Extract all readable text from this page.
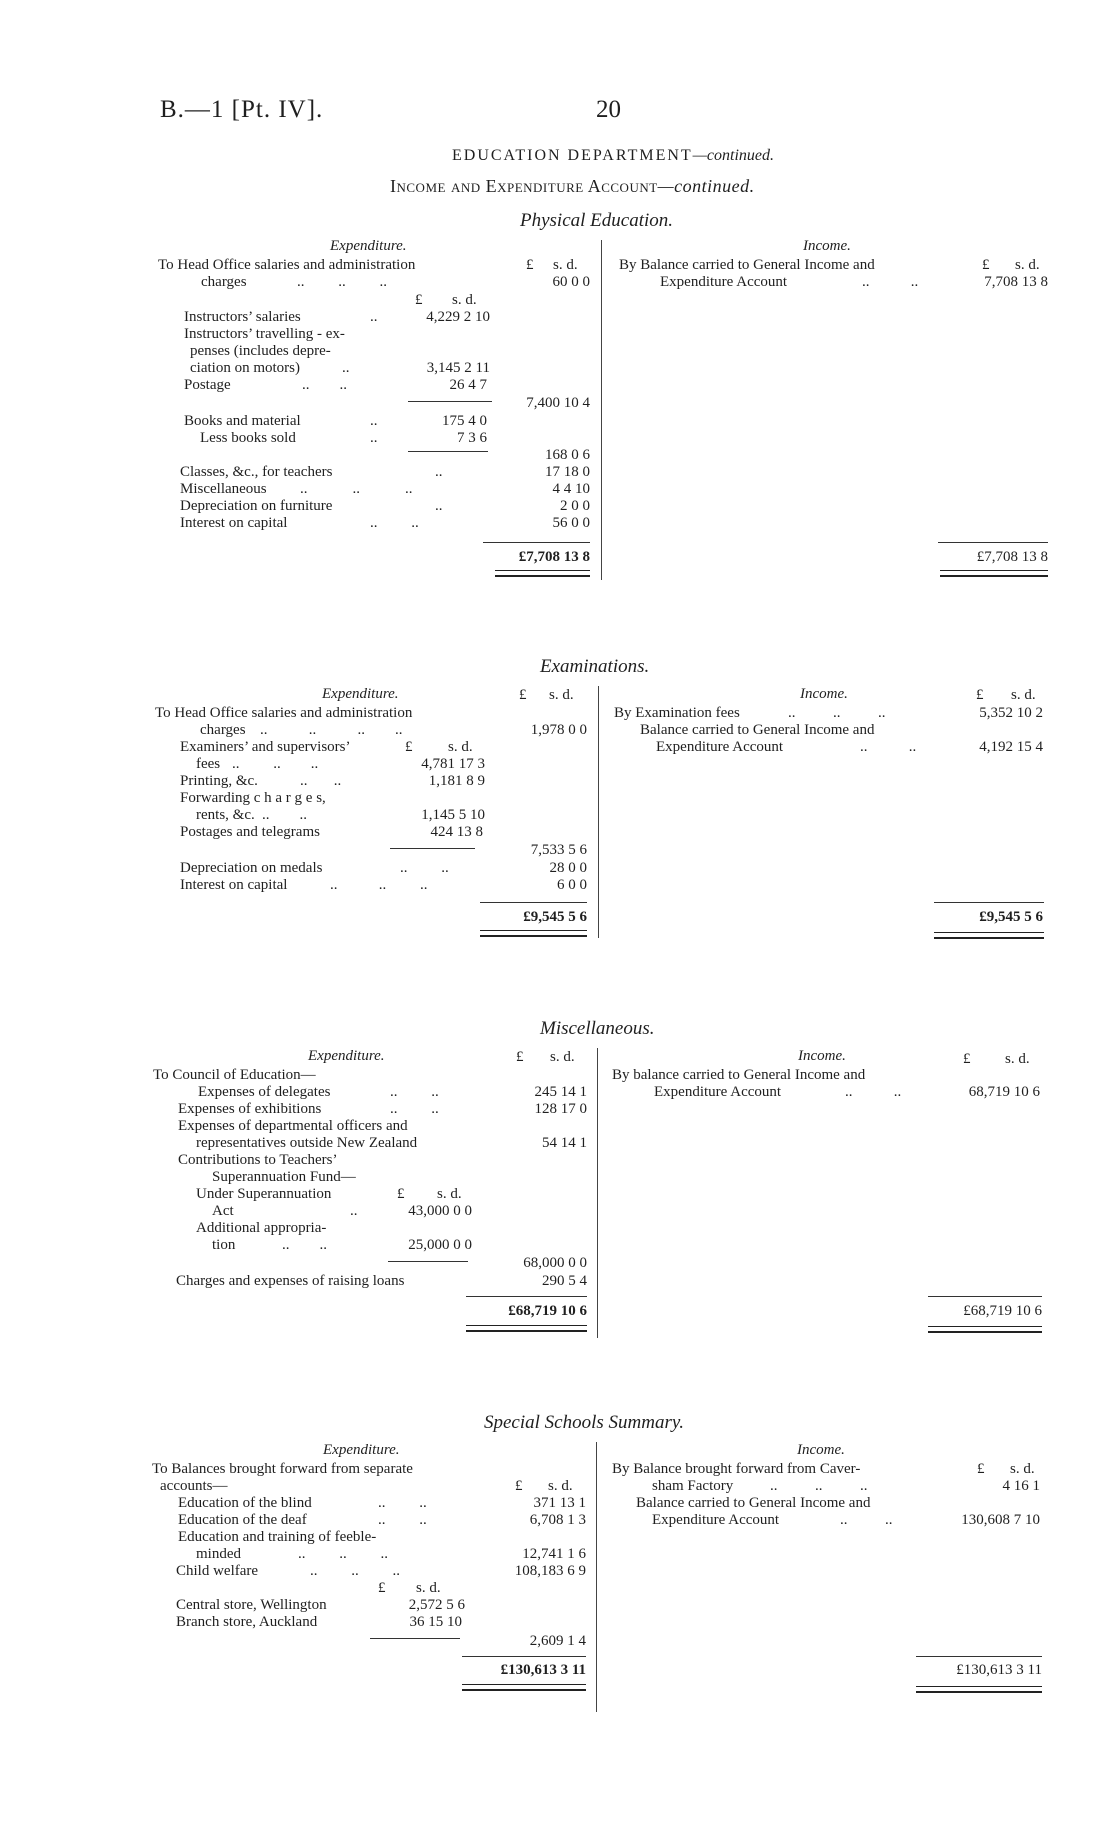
B.—1 [Pt. IV].	20
EDUCATION DEPARTMENT—continued.
Income and Expenditure Account—continued.
Physical Education.
Expenditure.	Income.
To Head Office salaries and administration	£ s. d.
charges	..         ..         ..	60 0 0
£ s. d.
Instructors’ salaries	..	4,229 2 10
Instructors’ travelling - ex-
penses (includes depre-
ciation on motors)	..	3,145 2 11
Postage	..        ..	26 4 7
7,400 10 4
Books and material	..	175 4 0
Less books sold	..	7 3 6
168 0 6
Classes, &c., for teachers	..	17 18 0
Miscellaneous ..            ..            ..	4 4 10
Depreciation on furniture	..	2 0 0
Interest on capital	..         ..	56 0 0
£7,708 13 8
By Balance carried to General Income and	£ s. d.
Expenditure Account	..           ..	7,708 13 8
£7,708 13 8
Examinations.
Expenditure.	£ s. d.	Income.	£ s. d.
To Head Office salaries and administration
charges ..           ..           ..        ..	1,978 0 0
Examiners’ and supervisors’	£ s. d.
fees ..         ..        ..	4,781 17 3
Printing, &c.	..       ..	1,181 8 9
Forwarding c h a r g e s,
rents, &c. ..        ..	1,145 5 10
Postages and telegrams	424 13 8
7,533 5 6
Depreciation on medals	..         ..	28 0 0
Interest on capital	..           ..         ..	6 0 0
£9,545 5 6
By Examination fees	..          ..          ..	5,352 10 2
Balance carried to General Income and
Expenditure Account	..           ..	4,192 15 4
£9,545 5 6
Miscellaneous.
Expenditure.	£ s. d.	Income.	£ s. d.
To Council of Education—
Expenses of delegates	..         ..	245 14 1
Expenses of exhibitions	..         ..	128 17 0
Expenses of departmental officers and
representatives outside New Zealand	54 14 1
Contributions to Teachers’
Superannuation Fund—
Under Superannuation	£ s. d.
Act	..	43,000 0 0
Additional appropria-
tion	..        ..	25,000 0 0
68,000 0 0
Charges and expenses of raising loans	290 5 4
£68,719 10 6
By balance carried to General Income and
Expenditure Account	..           ..	68,719 10 6
£68,719 10 6
Special Schools Summary.
Expenditure.	Income.
To Balances brought forward from separate
accounts—	£ s. d.
Education of the blind	..         ..	371 13 1
Education of the deaf	..         ..	6,708 1 3
Education and training of feeble-
minded	..         ..         ..	12,741 1 6
Child welfare	..         ..         ..	108,183 6 9
£ s. d.
Central store, Wellington	2,572 5 6
Branch store, Auckland	36 15 10
2,609 1 4
£130,613 3 11
By Balance brought forward from Caver-	£ s. d.
sham Factory ..          ..          ..	4 16 1
Balance carried to General Income and
Expenditure Account	..          ..	130,608 7 10
£130,613 3 11
